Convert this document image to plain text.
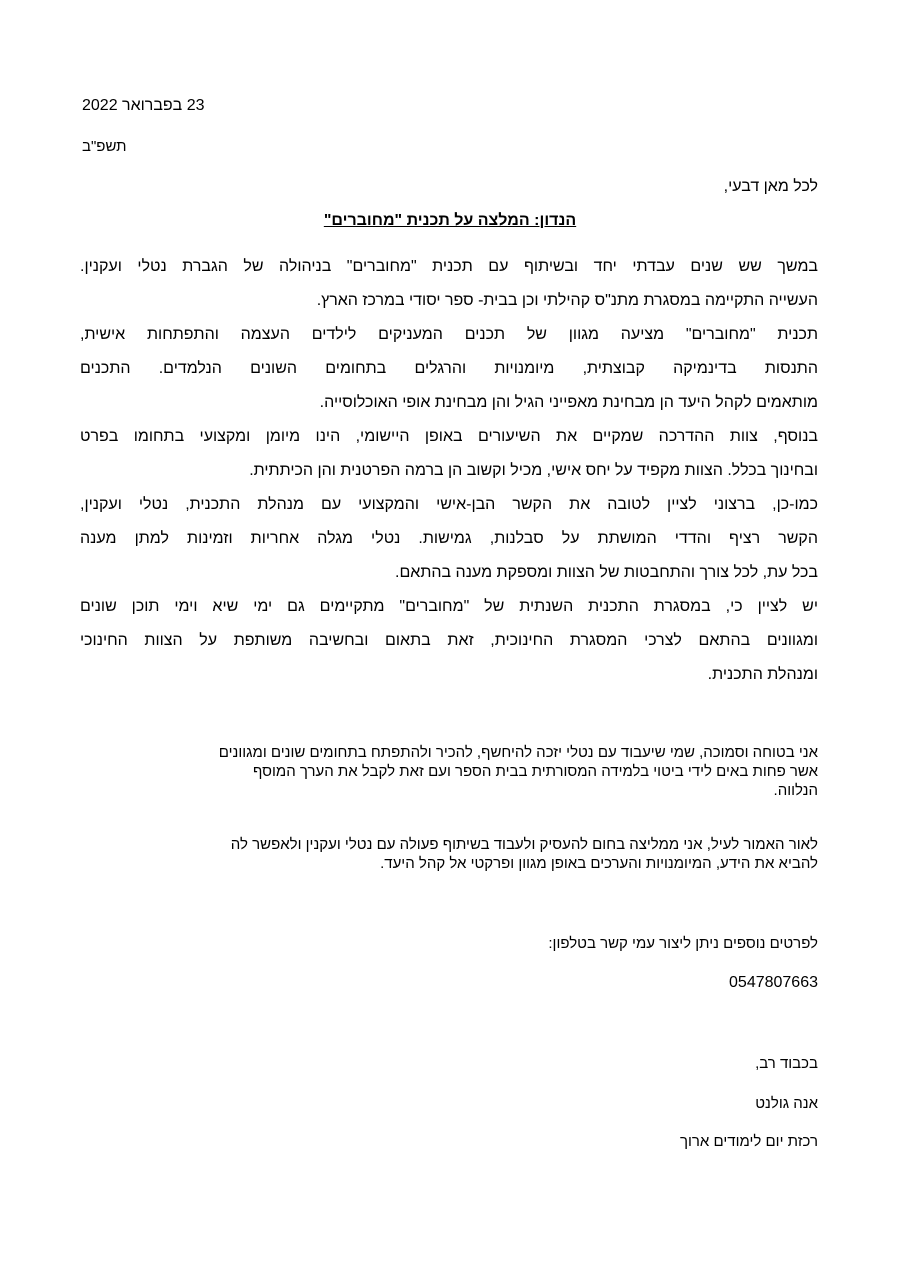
23 בפברואר 2022
תשפ"ב
לכל מאן דבעי,
הנדון: המלצה על תכנית "מחוברים"
במשך שש שנים עבדתי יחד ובשיתוף עם תכנית "מחוברים" בניהולה של הגברת נטלי ועקנין.
העשייה התקיימה במסגרת מתנ"ס קהילתי וכן בבית- ספר יסודי במרכז הארץ.
תכנית "מחוברים" מציעה מגוון של תכנים המעניקים לילדים העצמה והתפתחות אישית,
התנסות בדינמיקה קבוצתית, מיומנויות והרגלים בתחומים השונים הנלמדים. התכנים
מותאמים לקהל היעד הן מבחינת מאפייני הגיל והן מבחינת אופי האוכלוסייה.
בנוסף, צוות ההדרכה שמקיים את השיעורים באופן היישומי, הינו מיומן ומקצועי בתחומו בפרט
ובחינוך בכלל. הצוות מקפיד על יחס אישי, מכיל וקשוב הן ברמה הפרטנית והן הכיתתית.
כמו-כן, ברצוני לציין לטובה את הקשר הבן-אישי והמקצועי עם מנהלת התכנית, נטלי ועקנין,
הקשר רציף והדדי המושתת על סבלנות, גמישות. נטלי מגלה אחריות וזמינות למתן מענה
בכל עת, לכל צורך והתחבטות של הצוות ומספקת מענה בהתאם.
יש לציין כי, במסגרת התכנית השנתית של "מחוברים" מתקיימים גם ימי שיא וימי תוכן שונים
ומגוונים בהתאם לצרכי המסגרת החינוכית, זאת בתאום ובחשיבה משותפת על הצוות החינוכי
ומנהלת התכנית.
אני בטוחה וסמוכה, שמי שיעבוד עם נטלי יזכה להיחשף, להכיר ולהתפתח בתחומים שונים ומגוונים
אשר פחות באים לידי ביטוי בלמידה המסורתית בבית הספר ועם זאת לקבל את הערך המוסף
הנלווה.
לאור האמור לעיל, אני ממליצה בחום להעסיק ולעבוד בשיתוף פעולה עם נטלי ועקנין ולאפשר לה
להביא את הידע, המיומנויות והערכים באופן מגוון ופרקטי אל קהל היעד.
לפרטים נוספים ניתן ליצור עמי קשר בטלפון:
0547807663
בכבוד רב,
אנה גולנט
רכזת יום לימודים ארוך
